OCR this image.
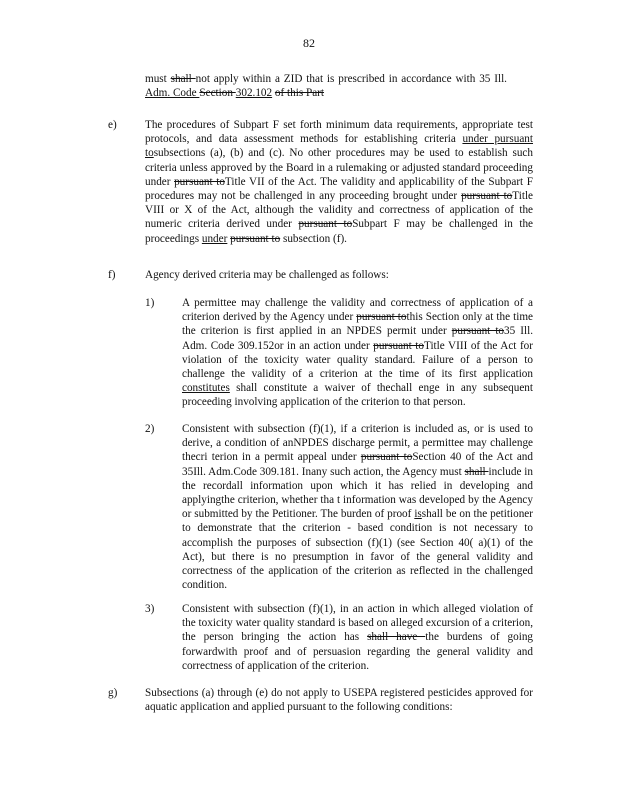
82
must shall not apply within a ZID that is prescribed in accordance with 35 Ill. Adm. Code Section 302.102 of this Part
e)	The procedures of Subpart F set forth minimum data requirements, appropriate test protocols, and data assessment methods for establishing criteria under pursuant tosubsections (a), (b) and (c). No other procedures may be used to establish such criteria unless approved by the Board in a rulemaking or adjusted standard proceeding under pursuant toTitle VII of the Act. The validity and applicability of the Subpart F procedures may not be challenged in any proceeding brought under pursuant toTitle VIII or X of the Act, although the validity and correctness of application of the numeric criteria derived under pursuant toSubpart F may be challenged in the proceedings under pursuant to subsection (f).
f)	Agency derived criteria may be challenged as follows:
1) A permittee may challenge the validity and correctness of application of a criterion derived by the Agency under pursuant tothis Section only at the time the criterion is first applied in an NPDES permit under pursuant to35 Ill. Adm. Code 309.152or in an action under pursuant toTitle VIII of the Act for violation of the toxicity water quality standard. Failure of a person to challenge the validity of a criterion at the time of its first application constitutes shall constitute a waiver of thechall enge in any subsequent proceeding involving application of the criterion to that person.
2) Consistent with subsection (f)(1), if a criterion is included as, or is used to derive, a condition of anNPDES discharge permit, a permittee may challenge thecri terion in a permit appeal under pursuant toSection 40 of the Act and 35Ill. Adm.Code 309.181. Inany such action, the Agency must shall include in the recordall information upon which it has relied in developing and applyingthe criterion, whether tha t information was developed by the Agency or submitted by the Petitioner. The burden of proof isshall be on the petitioner to demonstrate that the criterion - based condition is not necessary to accomplish the purposes of subsection (f)(1) (see Section 40( a)(1) of the Act), but there is no presumption in favor of the general validity and correctness of the application of the criterion as reflected in the challenged condition.
3) Consistent with subsection (f)(1), in an action in which alleged violation of the toxicity water quality standard is based on alleged excursion of a criterion, the person bringing the action has shall have the burdens of going forwardwith proof and of persuasion regarding the general validity and correctness of application of the criterion.
g) Subsections (a) through (e) do not apply to USEPA registered pesticides approved for aquatic application and applied pursuant to the following conditions:
